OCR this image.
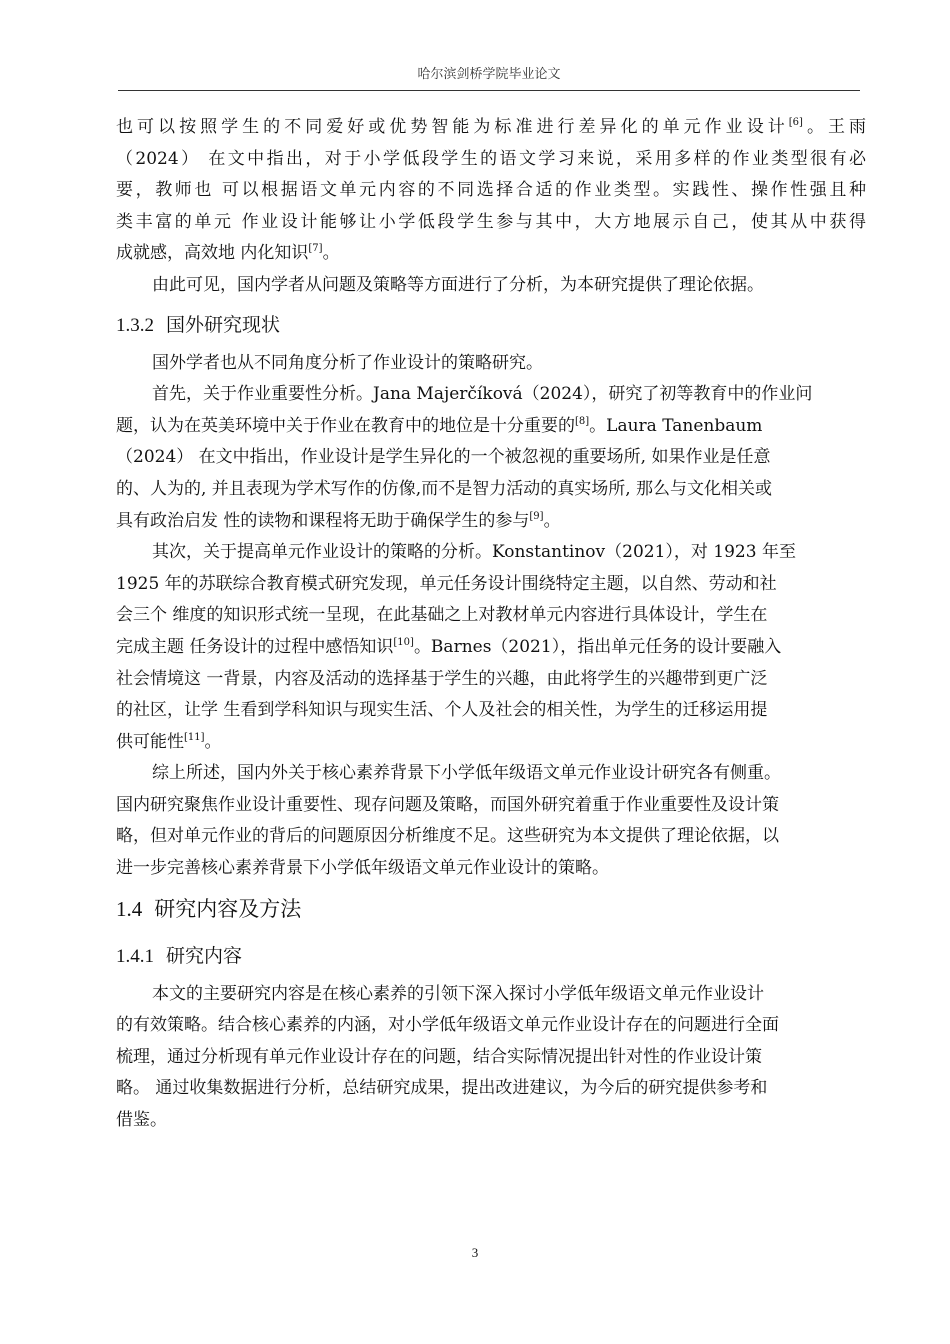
哈尔滨剑桥学院毕业论文
也可以按照学生的不同爱好或优势智能为标准进行差异化的单元作业设计[6]。王雨
（2024） 在文中指出，对于小学低段学生的语文学习来说，采用多样的作业类型很有必
要，教师也 可以根据语文单元内容的不同选择合适的作业类型。实践性、操作性强且种
类丰富的单元 作业设计能够让小学低段学生参与其中，大方地展示自己，使其从中获得
成就感，高效地 内化知识[7]。
由此可见，国内学者从问题及策略等方面进行了分析，为本研究提供了理论依据。
1.3.2 国外研究现状
国外学者也从不同角度分析了作业设计的策略研究。
首先，关于作业重要性分析。Jana Majerčíková（2024），研究了初等教育中的作业问
题，认为在英美环境中关于作业在教育中的地位是十分重要的[8]。Laura Tanenbaum
（2024） 在文中指出，作业设计是学生异化的一个被忽视的重要场所, 如果作业是任意
的、人为的, 并且表现为学术写作的仿像,而不是智力活动的真实场所, 那么与文化相关或
具有政治启发 性的读物和课程将无助于确保学生的参与[9]。
其次，关于提高单元作业设计的策略的分析。Konstantinov（2021），对 1923 年至
1925 年的苏联综合教育模式研究发现，单元任务设计围绕特定主题，以自然、劳动和社
会三个 维度的知识形式统一呈现，在此基础之上对教材单元内容进行具体设计，学生在
完成主题 任务设计的过程中感悟知识[10]。Barnes（2021），指出单元任务的设计要融入
社会情境这 一背景，内容及活动的选择基于学生的兴趣，由此将学生的兴趣带到更广泛
的社区，让学 生看到学科知识与现实生活、个人及社会的相关性，为学生的迁移运用提
供可能性[11]。
综上所述，国内外关于核心素养背景下小学低年级语文单元作业设计研究各有侧重。
国内研究聚焦作业设计重要性、现存问题及策略，而国外研究着重于作业重要性及设计策
略，但对单元作业的背后的问题原因分析维度不足。这些研究为本文提供了理论依据，以
进一步完善核心素养背景下小学低年级语文单元作业设计的策略。
1.4 研究内容及方法
1.4.1 研究内容
本文的主要研究内容是在核心素养的引领下深入探讨小学低年级语文单元作业设计
的有效策略。结合核心素养的内涵，对小学低年级语文单元作业设计存在的问题进行全面
梳理，通过分析现有单元作业设计存在的问题，结合实际情况提出针对性的作业设计策
略。 通过收集数据进行分析，总结研究成果，提出改进建议，为今后的研究提供参考和
借鉴。
3
